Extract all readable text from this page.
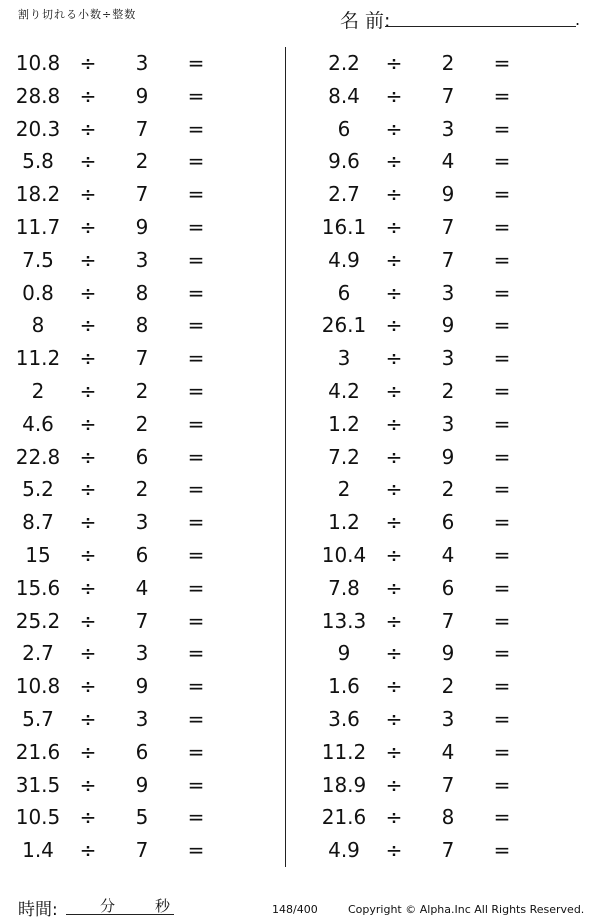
割り切れる小数÷整数	名 前:	.
10.8 ÷ 3 =
28.8 ÷ 9 =
20.3 ÷ 7 =
5.8	÷ 2 =
18.2 ÷ 7 =
11.7 ÷ 9 =
7.5	÷ 3 =
0.8	÷ 8 =
8	÷ 8 =
11.2 ÷ 7 =
2	÷ 2 =
4.6	÷ 2 =
22.8 ÷ 6 =
5.2	÷ 2 =
8.7	÷ 3 =
15	÷ 6 =
15.6 ÷ 4 =
25.2 ÷ 7 =
2.7	÷ 3 =
10.8 ÷ 9 =
5.7	÷ 3 =
21.6 ÷ 6 =
31.5 ÷ 9 =
10.5 ÷ 5 =
1.4	÷ 7 =
2.2	÷ 2 =
8.4	÷ 7 =
6	÷ 3 =
9.6	÷ 4 =
2.7	÷ 9 =
16.1 ÷ 7 =
4.9	÷ 7 =
6	÷ 3 =
26.1 ÷ 9 =
3	÷ 3 =
4.2	÷ 2 =
1.2	÷ 3 =
7.2	÷ 9 =
2	÷ 2 =
1.2	÷ 6 =
10.4 ÷ 4 =
7.8	÷ 6 =
13.3 ÷ 7 =
9	÷ 9 =
1.6	÷ 2 =
3.6	÷ 3 =
11.2 ÷ 4 =
18.9 ÷ 7 =
21.6 ÷ 8 =
4.9	÷ 7 =
時間:	分	秒	148/400	Copyright © Alpha.Inc All Rights Reserved.
